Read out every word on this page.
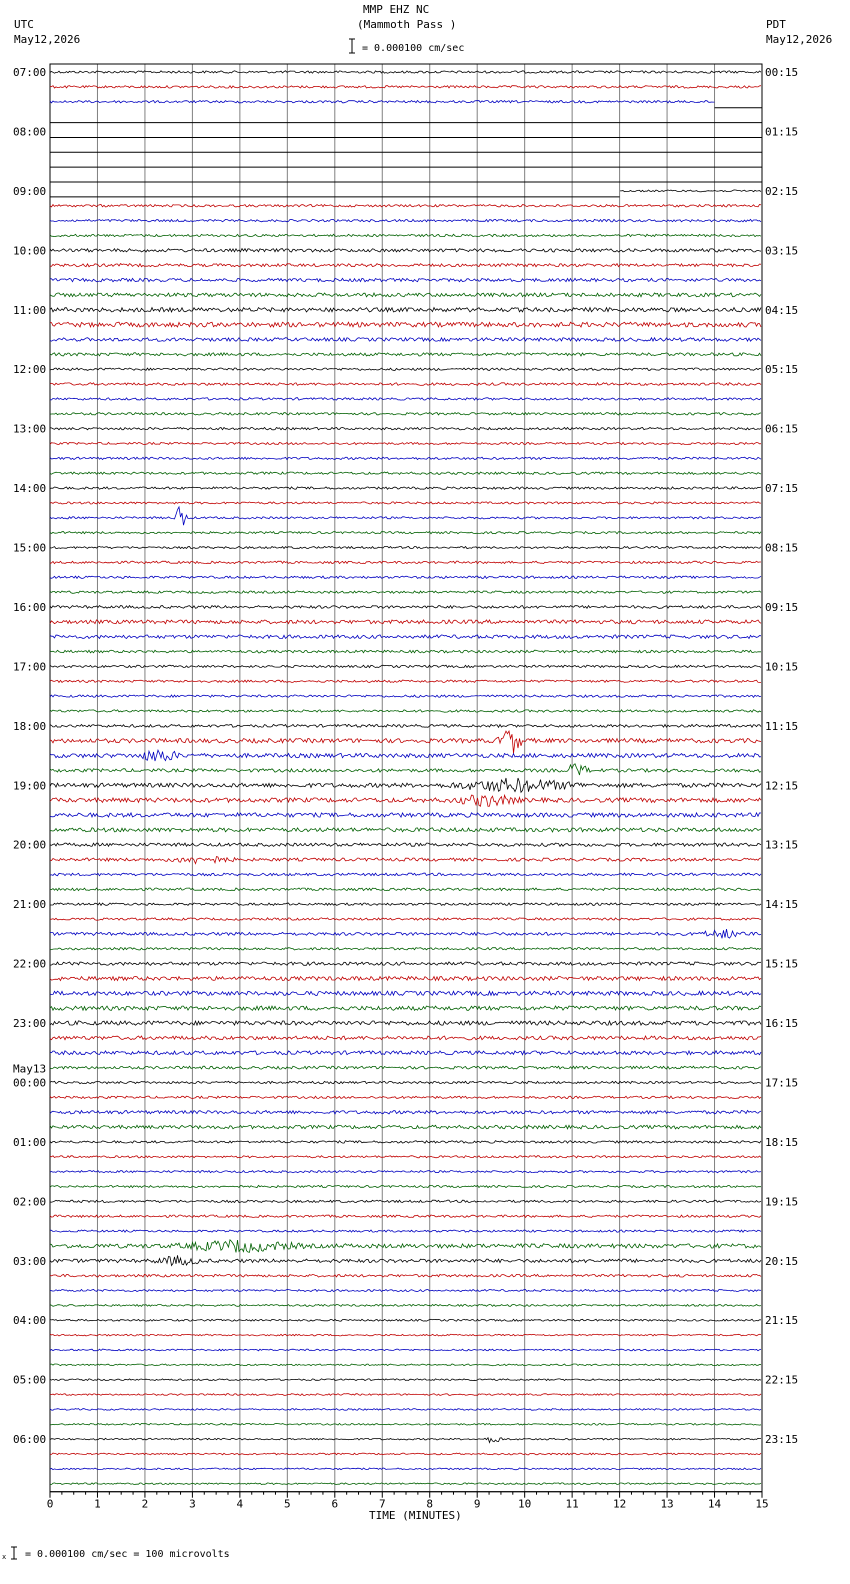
MMP EHZ NC
(Mammoth Pass )
= 0.000100 cm/sec
UTC
May12,2026
PDT
May12,2026
TIME (MINUTES)
= 0.000100 cm/sec = 100 microvolts
x
07:00
08:00
09:00
10:00
11:00
12:00
13:00
14:00
15:00
16:00
17:00
18:00
19:00
20:00
21:00
22:00
23:00
00:00
May13
01:00
02:00
03:00
04:00
05:00
06:00
00:15
01:15
02:15
03:15
04:15
05:15
06:15
07:15
08:15
09:15
10:15
11:15
12:15
13:15
14:15
15:15
16:15
17:15
18:15
19:15
20:15
21:15
22:15
23:15
0	1	2	3	4	5	6	7	8	9	10	11	12	13	14	15
